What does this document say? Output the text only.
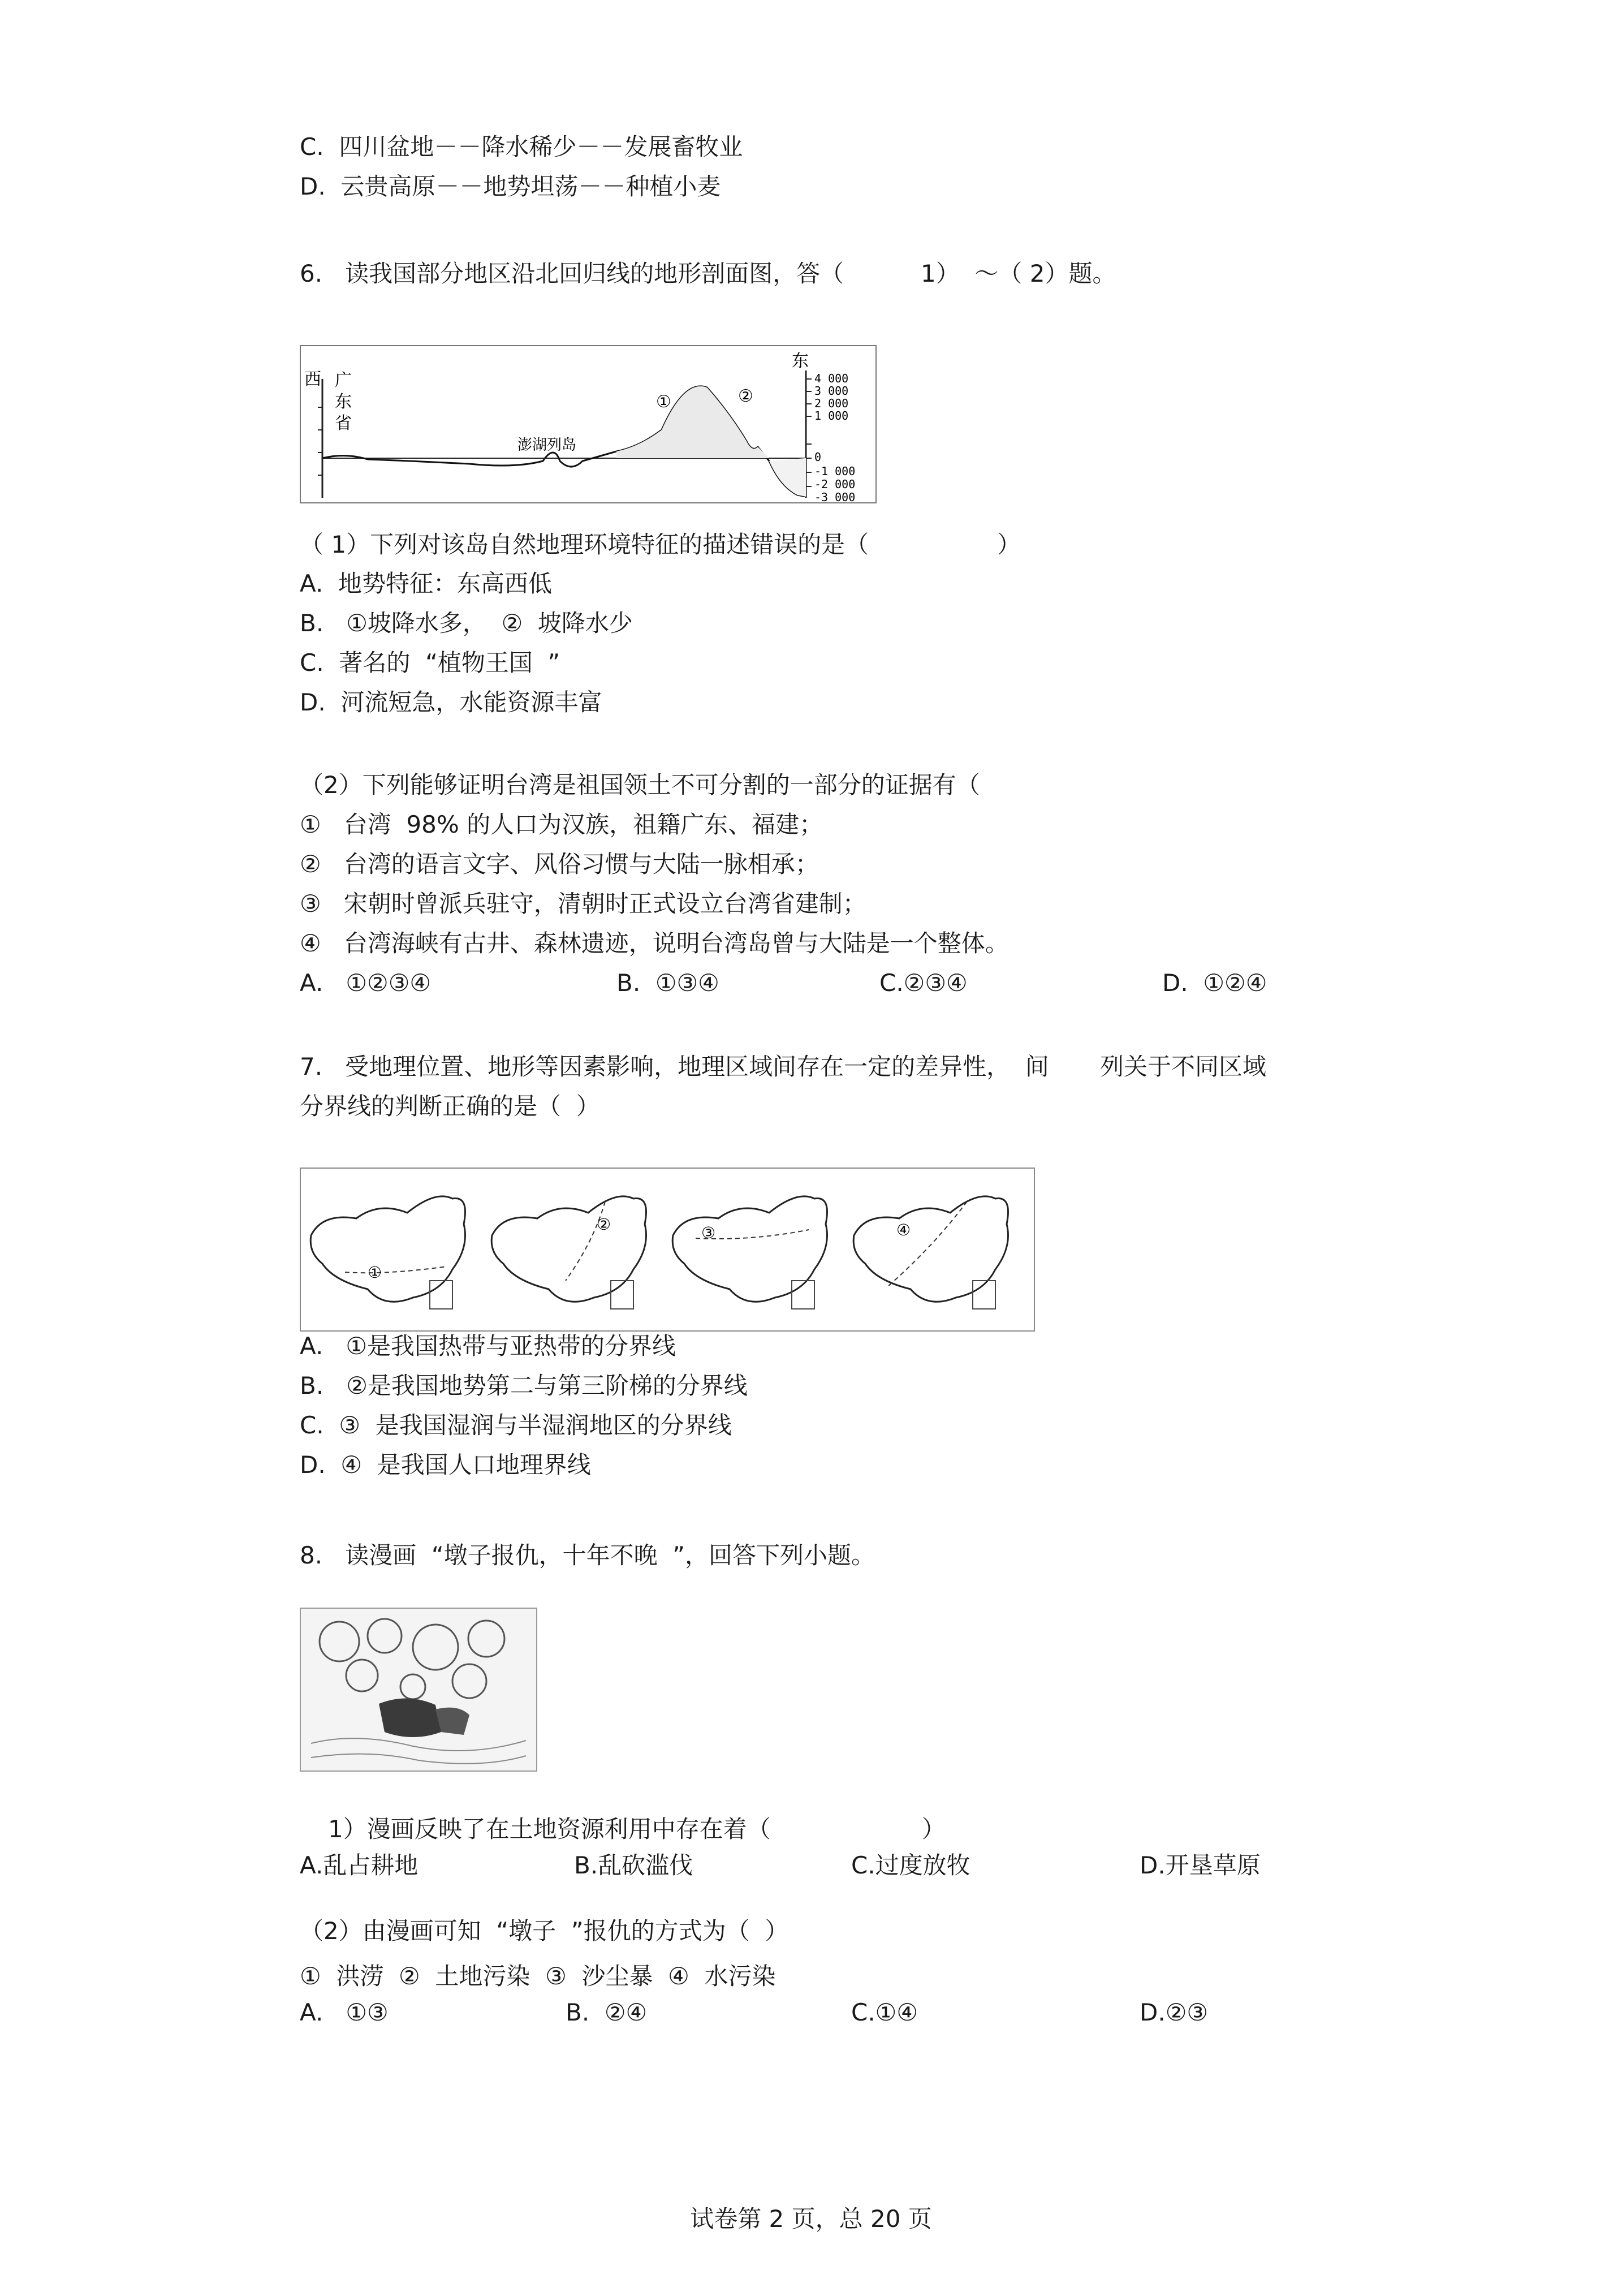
C.  四川盆地－－降水稀少－－发展畜牧业
D.  云贵高原－－地势坦荡－－种植小麦
6.   读我国部分地区沿北回归线的地形剖面图，答（	1）  ～（ 2）题。
西 广
东
省
澎湖列岛
①	②
东
4 000
3 000
2 000
1 000
0
-1 000
-2 000
-3 000
（ 1）下列对该岛自然地理环境特征的描述错误的是（                 ）
A.  地势特征：东高西低
B.   ①坡降水多，  ②  坡降水少
C.  著名的  “植物王国  ”
D.  河流短急，水能资源丰富
（2）下列能够证明台湾是祖国领土不可分割的一部分的证据有（
①   台湾  98% 的人口为汉族，祖籍广东、福建；
②   台湾的语言文字、风俗习惯与大陆一脉相承；
③   宋朝时曾派兵驻守，清朝时正式设立台湾省建制；
④   台湾海峡有古井、森林遗迹，说明台湾岛曾与大陆是一个整体。
A.   ①②③④	B.  ①③④	C.②③④	D.  ①②④
7.   受地理位置、地形等因素影响，地理区域间存在一定的差异性，  间 列关于不同区域
分界线的判断正确的是（  ）
①
②	③	④
A.   ①是我国热带与亚热带的分界线
B.   ②是我国地势第二与第三阶梯的分界线
C.  ③  是我国湿润与半湿润地区的分界线
D.  ④  是我国人口地理界线
8.   读漫画  “墩子报仇，十年不晚  ”，回答下列小题。
1）漫画反映了在土地资源利用中存在着（                    ）
A.乱占耕地	B.乱砍滥伐	C.过度放牧	D.开垦草原
（2）由漫画可知  “墩子  ”报仇的方式为（  ）
①  洪涝  ②  土地污染  ③  沙尘暴  ④  水污染
A.   ①③	B.  ②④	C.①④	D.②③
试卷第 2 页，总 20 页
